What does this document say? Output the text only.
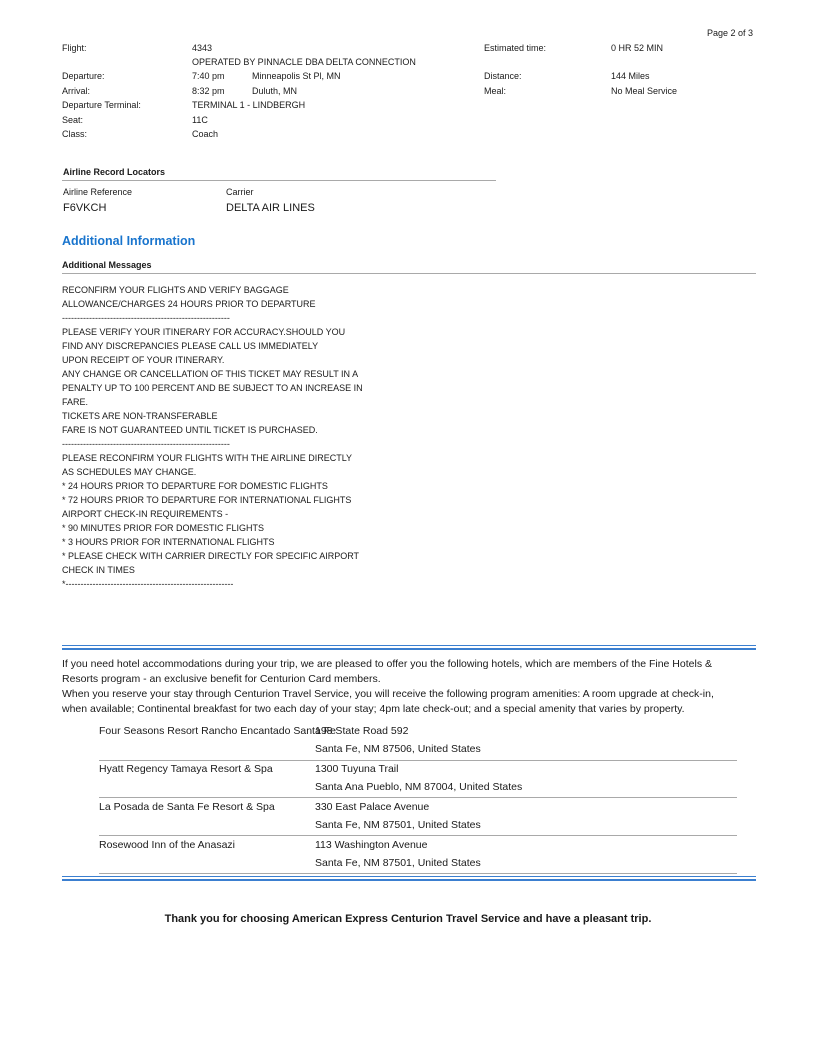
Page 2 of 3
Flight:	4343
OPERATED BY PINNACLE DBA DELTA CONNECTION
Departure:	7:40 pm	Minneapolis St Pl, MN
Arrival:	8:32 pm	Duluth, MN
Departure Terminal:	TERMINAL 1 - LINDBERGH
Seat:	11C
Class:	Coach
Estimated time:	0 HR 52 MIN
Distance:	144 Miles
Meal:	No Meal Service
Airline Record Locators
Airline Reference	Carrier
F6VKCH	DELTA AIR LINES
Additional Information
Additional Messages
RECONFIRM YOUR FLIGHTS AND VERIFY BAGGAGE
ALLOWANCE/CHARGES 24 HOURS PRIOR TO DEPARTURE
--------------------------------------------------------
PLEASE VERIFY YOUR ITINERARY FOR ACCURACY.SHOULD YOU
FIND ANY DISCREPANCIES PLEASE CALL US IMMEDIATELY
UPON RECEIPT OF YOUR ITINERARY.
ANY CHANGE OR CANCELLATION OF THIS TICKET MAY RESULT IN A
PENALTY UP TO 100 PERCENT AND BE SUBJECT TO AN INCREASE IN
FARE.
TICKETS ARE NON-TRANSFERABLE
FARE IS NOT GUARANTEED UNTIL TICKET IS PURCHASED.
--------------------------------------------------------
PLEASE RECONFIRM YOUR FLIGHTS WITH THE AIRLINE DIRECTLY
AS SCHEDULES MAY CHANGE.
* 24 HOURS PRIOR TO DEPARTURE FOR DOMESTIC FLIGHTS
* 72 HOURS PRIOR TO DEPARTURE FOR INTERNATIONAL FLIGHTS
AIRPORT CHECK-IN REQUIREMENTS -
* 90 MINUTES PRIOR FOR DOMESTIC FLIGHTS
* 3 HOURS PRIOR FOR INTERNATIONAL FLIGHTS
* PLEASE CHECK WITH CARRIER DIRECTLY FOR SPECIFIC AIRPORT
CHECK IN TIMES
*--------------------------------------------------------
If you need hotel accommodations during your trip, we are pleased to offer you the following hotels, which are members of the Fine Hotels &
Resorts program - an exclusive benefit for Centurion Card members.
When you reserve your stay through Centurion Travel Service, you will receive the following program amenities: A room upgrade at check-in,
when available; Continental breakfast for two each day of your stay; 4pm late check-out; and a special amenity that varies by property.
Four Seasons Resort Rancho Encantado Santa Fe
198 State Road 592
Santa Fe, NM 87506, United States
Hyatt Regency Tamaya Resort & Spa	1300 Tuyuna Trail
Santa Ana Pueblo, NM 87004, United States
La Posada de Santa Fe Resort & Spa	330 East Palace Avenue
Santa Fe, NM 87501, United States
Rosewood Inn of the Anasazi	113 Washington Avenue
Santa Fe, NM 87501, United States
Thank you for choosing American Express Centurion Travel Service and have a pleasant trip.
